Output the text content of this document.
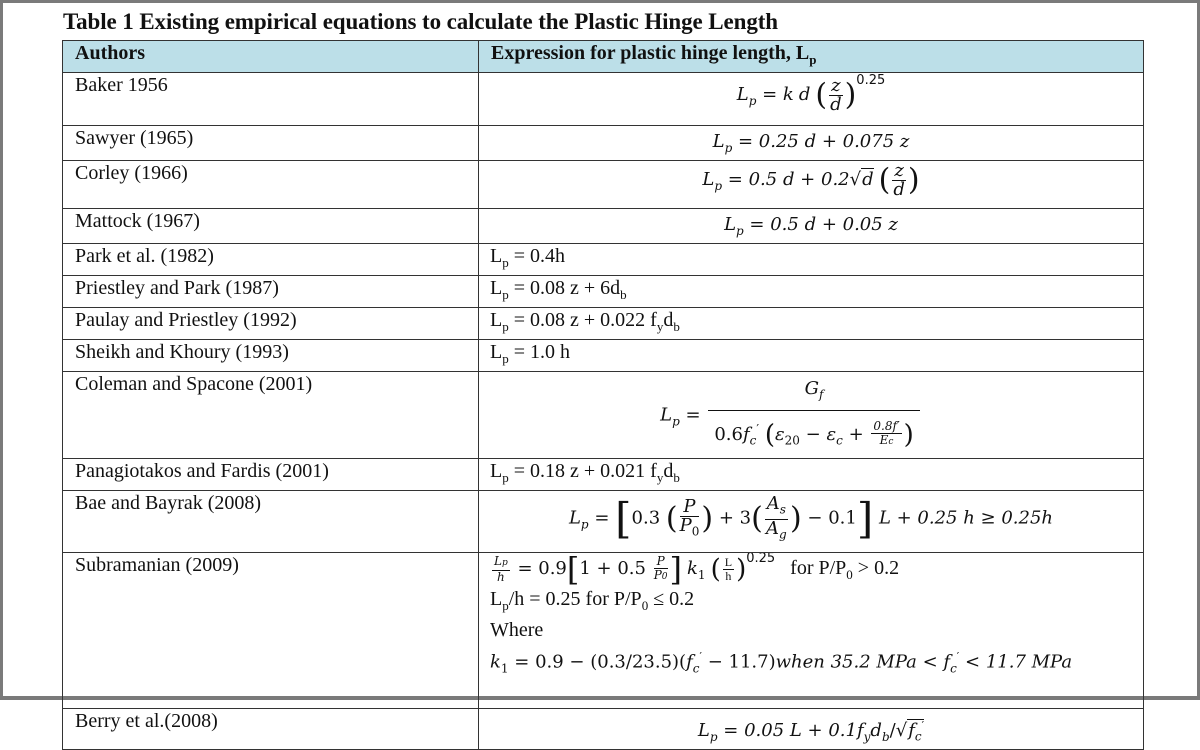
Table 1 Existing empirical equations to calculate the Plastic Hinge Length
Authors	Expression for plastic hinge length, $L_p$
Baker 1956	$L_p = k$ d ( $\frac{z}{d} )^{0.25}$
Sawyer (1965)	$L_p = 0.25$ d + 0.075 z
Corley (1966)	$L_p = 0.5$ d + 0.2√d ( $\frac{z}{d}$ )
Mattock (1967)	$L_p = 0.5$ d + 0.05 z
Park et al. (1982)	$L_p = 0.4h$
Priestley and Park (1987)	$L_p = 0.08$ $z + 6d_b$
Paulay and Priestley (1992)	$L_p = 0.08$ z + 0.022 $f_yd_b$
Sheikh and Khoury (1993)	$L_p = 1.0$ h
Coleman and Spacone (2001)	$L_p = \frac{G_f}{0.6f_c' (\varepsilon_{20} - \varepsilon_c + \frac{0.8f'}{Ec} )}$

Panagiotakos and Fardis (2001)	$L_p = 0.18$ z + 0.021 $f_yd_b$
Bae and Bayrak (2008)	$L_p = [0.3$ ( $\frac{P}{P_0}$ ) + $3( \frac{A_s}{A_g}$ ) − 0.1] L + 0.25 h ≥ 0.25h
Subramanian (2009)	$\frac{Lp}{h} = 0.9[1 + 0.5 \frac{P}{P0}$ ] $k_1$ ( $\frac{L}{h} )^{0.25}$ for $P/P_0 > 0.2$
$L_p/h = 0.25$ for $P/P_0 \le 0.2$
Where
$k_1 = 0.9 - (0.3/23.5)(f_c'$ − 11.7)when 35.2 MPa < $f_c' < 11.7$ MPa

Berry et al.(2008)	$L_p = 0.05$ $L + 0.1f_yd_b/√f_c'$
